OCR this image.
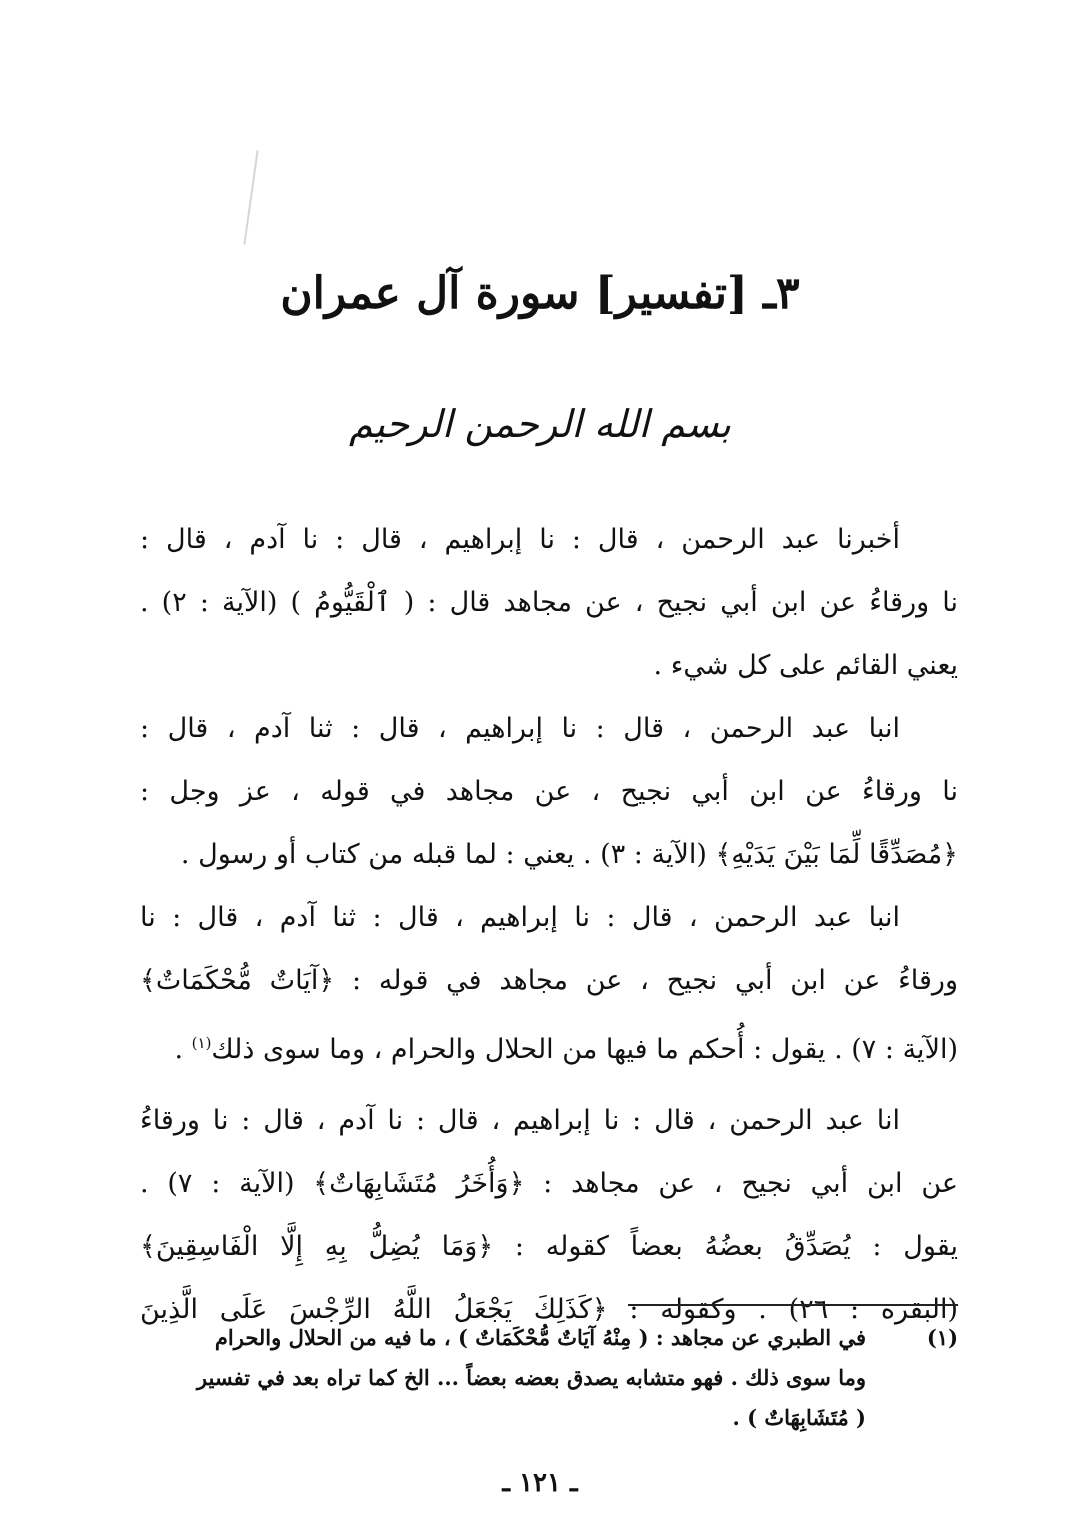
٣ـ [تفسير] سورة آل عمران
بسم الله الرحمن الرحيم
أخبرنا عبد الرحمن ، قال : نا إبراهيم ، قال : نا آدم ، قال :
نا ورقاءُ عن ابن أبي نجيح ، عن مجاهد قال : ( ٱلْقَيُّومُ ) (الآية : ٢) .
يعني القائم على كل شيء .
انبا عبد الرحمن ، قال : نا إبراهيم ، قال : ثنا آدم ، قال :
نا ورقاءُ عن ابن أبي نجيح ، عن مجاهد في قوله ، عز وجل :
﴿مُصَدِّقًا لِّمَا بَيْنَ يَدَيْهِ﴾ (الآية : ٣) . يعني : لما قبله من كتاب أو رسول .
انبا عبد الرحمن ، قال : نا إبراهيم ، قال : ثنا آدم ، قال : نا
ورقاءُ عن ابن أبي نجيح ، عن مجاهد في قوله : ﴿آيَاتٌ مُّحْكَمَاتٌ﴾
(الآية : ٧) . يقول : أُحكم ما فيها من الحلال والحرام ، وما سوى ذلك$^{(١)}$ .
انا عبد الرحمن ، قال : نا إبراهيم ، قال : نا آدم ، قال : نا ورقاءُ
عن ابن أبي نجيح ، عن مجاهد : ﴿وَأُخَرُ مُتَشَابِهَاتٌ﴾ (الآية : ٧) .
يقول : يُصَدِّقُ بعضُهُ بعضاً كقوله : ﴿وَمَا يُضِلُّ بِهِ إِلَّا الْفَاسِقِينَ﴾
(البقرة : ٢٦) . وكقوله : ﴿كَذَلِكَ يَجْعَلُ اللَّهُ الرِّجْسَ عَلَى الَّذِينَ
(١)
في الطبري عن مجاهد : ( مِنْهُ آيَاتٌ مُّحْكَمَاتٌ ) ، ما فيه من الحلال والحرام
وما سوى ذلك . فهو متشابه يصدق بعضه بعضاً ... الخ كما تراه بعد في تفسير
( مُتَشَابِهَاتٌ ) .
ـ ١٢١ ـ
